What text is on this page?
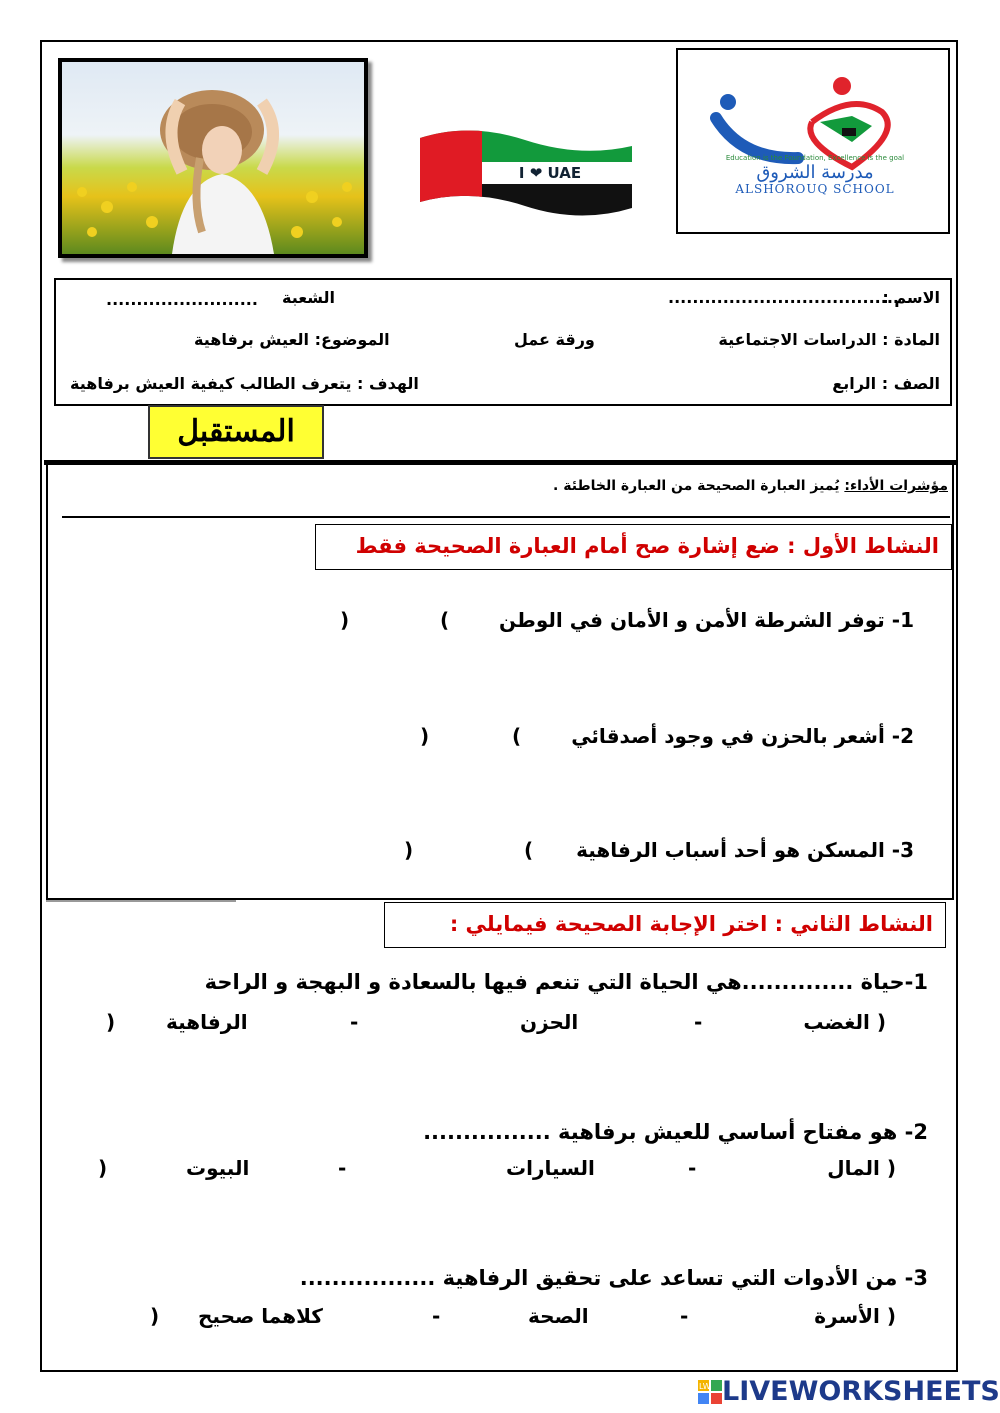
I ❤ UAE
Education is the Foundation, Excellence is the goal
مدرسة الشروق
ALSHOROUQ SCHOOL
الاسم :
......................................
الشعبة
.........................
المادة : الدراسات الاجتماعية
ورقة عمل
الموضوع: العيش برفاهية
الصف : الرابع
الهدف : يتعرف الطالب كيفية العيش برفاهية
المستقبل
مؤشرات الأداء: يُميز العبارة الصحيحة من العبارة الخاطئة .
النشاط الأول : ضع إشارة صح أمام العبارة الصحيحة فقط
1- توفر الشرطة الأمن و الأمان في الوطن
(
)
2- أشعر بالحزن في وجود أصدقائي
(
)
3- المسكن هو أحد أسباب الرفاهية
(
)
النشاط الثاني : اختر الإجابة الصحيحة فيمايلي :
1-حياة ..............هي الحياة التي تنعم فيها بالسعادة و البهجة و الراحة
( الغضب
-
الحزن
-
الرفاهية
)
2- هو مفتاح أساسي للعيش برفاهية ................
( المال
-
السيارات
-
البيوت
)
3- من الأدوات التي تساعد على تحقيق الرفاهية .................
( الأسرة
-
الصحة
-
كلاهما صحيح
)
LW LIVEWORKSHEETS
